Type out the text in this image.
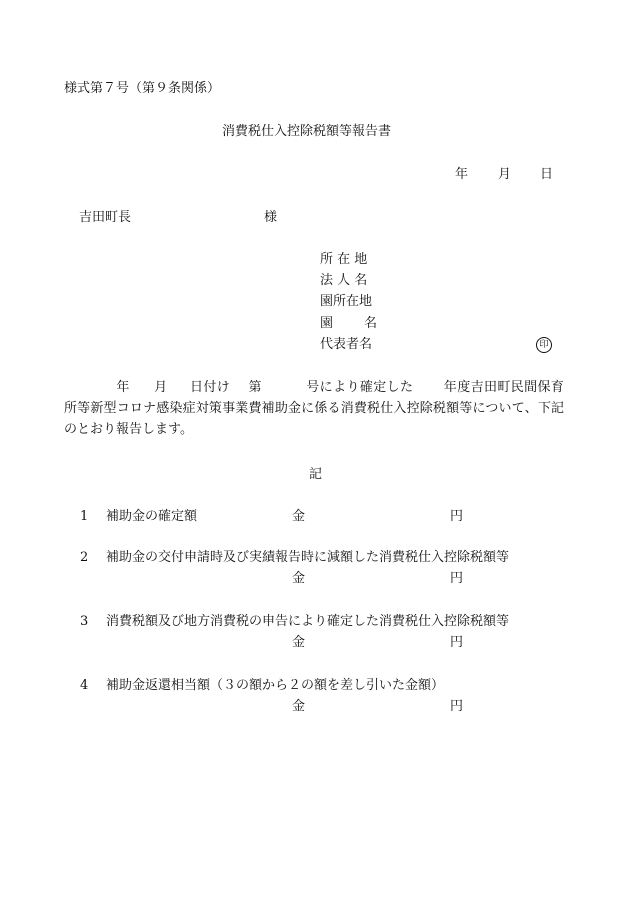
様式第７号（第９条関係）
消費税仕入控除税額等報告書
年 月 日
吉田町長	様
所 在 地
法 人 名
園所在地
園 名
代表者名	印
年 月 日付け 第	号により確定した 年度吉田町民間保育所等新型コロナ感染症対策事業費補助金に係る消費税仕入控除税額等について、下記のとおり報告します。
記
1 補助金の確定額	金	円
2 補助金の交付申請時及び実績報告時に減額した消費税仕入控除税額等
金	円
3 消費税額及び地方消費税の申告により確定した消費税仕入控除税額等
金	円
4 補助金返還相当額（３の額から２の額を差し引いた金額）
金	円
